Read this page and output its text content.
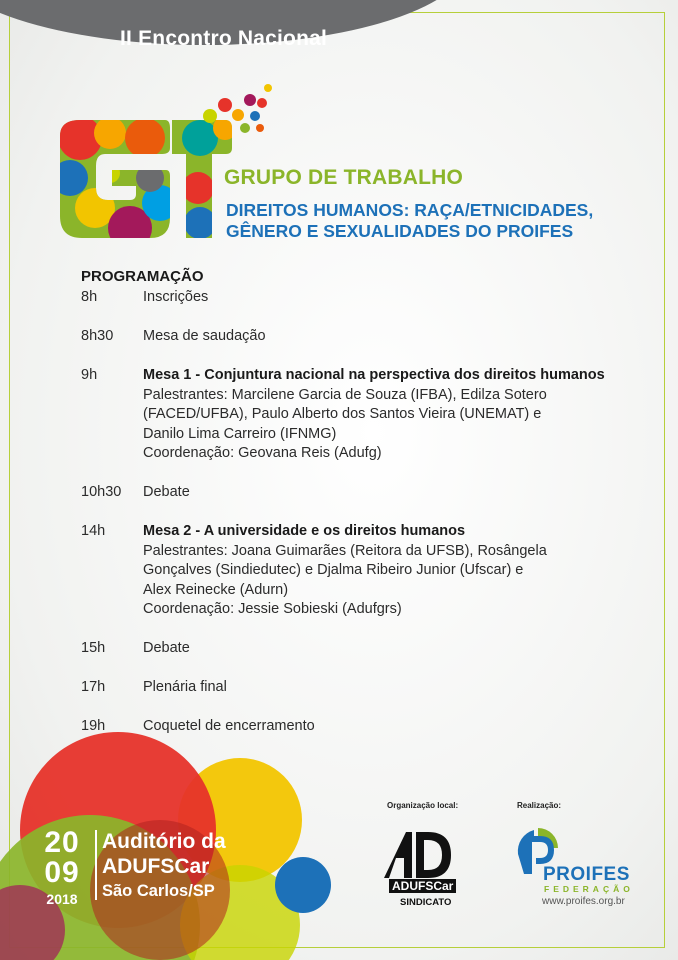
II Encontro Nacional
GRUPO DE TRABALHO
DIREITOS HUMANOS: RAÇA/ETNICIDADES,
GÊNERO E SEXUALIDADES DO PROIFES
PROGRAMAÇÃO
8h	Inscrições
8h30	Mesa de saudação
9h	Mesa 1 - Conjuntura nacional na perspectiva dos direitos humanos
Palestrantes: Marcilene Garcia de Souza (IFBA), Edilza Sotero
(FACED/UFBA), Paulo Alberto dos Santos Vieira (UNEMAT) e
Danilo Lima Carreiro (IFNMG)
Coordenação: Geovana Reis (Adufg)
10h30	Debate
14h	Mesa 2 - A universidade e os direitos humanos
Palestrantes: Joana Guimarães (Reitora da UFSB), Rosângela
Gonçalves (Sindiedutec) e Djalma Ribeiro Junior (Ufscar) e
Alex Reinecke (Adurn)
Coordenação: Jessie Sobieski (Adufgrs)
15h	Debate
17h	Plenária final
19h	Coquetel de encerramento
20
09
2018
Auditório da
ADUFSCar
São Carlos/SP
Organização local:	Realização:
ADUFSCar
SINDICATO
PROIFES
FEDERAÇÃO
www.proifes.org.br
